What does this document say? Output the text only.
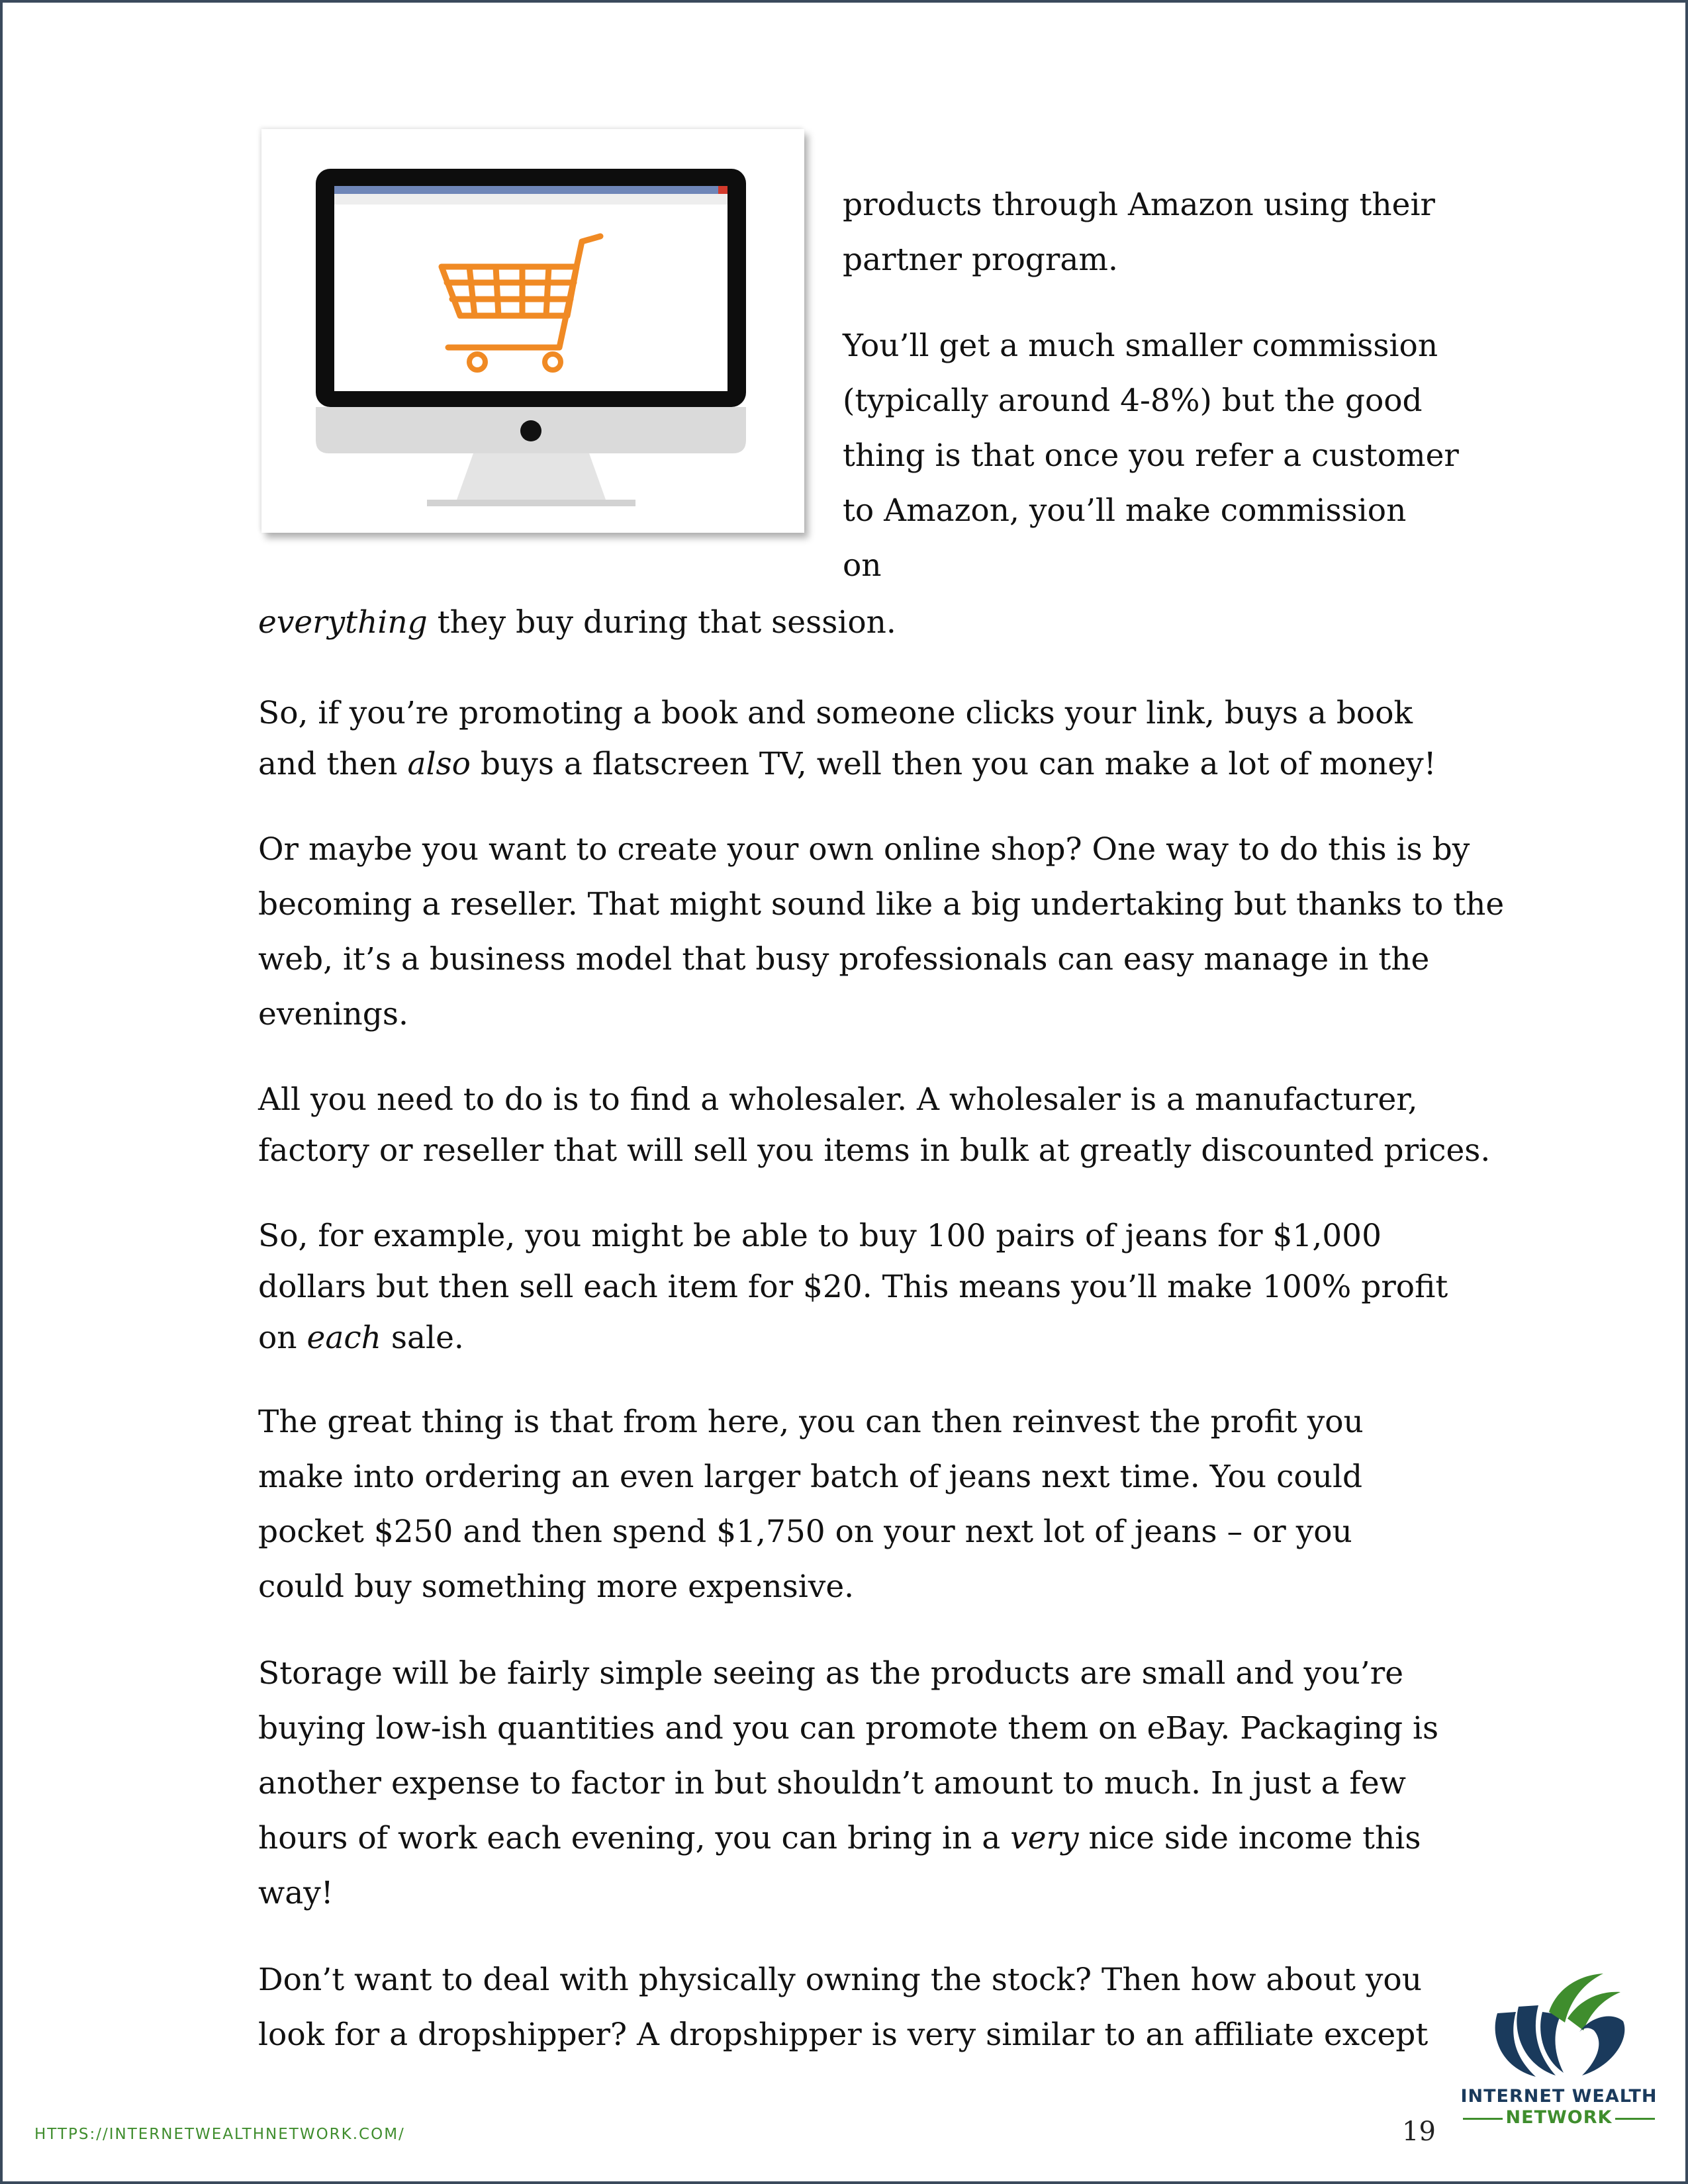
products through Amazon using their

partner program.

You’ll get a much smaller commission

(typically around 4-8%) but the good

thing is that once you refer a customer

to Amazon, you’ll make commission

on

everything they buy during that session.

So, if you’re promoting a book and someone clicks your link, buys a book

and then also buys a flatscreen TV, well then you can make a lot of money!

Or maybe you want to create your own online shop? One way to do this is by

becoming a reseller. That might sound like a big undertaking but thanks to the

web, it’s a business model that busy professionals can easy manage in the

evenings.

All you need to do is to find a wholesaler. A wholesaler is a manufacturer,

factory or reseller that will sell you items in bulk at greatly discounted prices.

So, for example, you might be able to buy 100 pairs of jeans for $1,000

dollars but then sell each item for $20. This means you’ll make 100% profit

on each sale.

The great thing is that from here, you can then reinvest the profit you

make into ordering an even larger batch of jeans next time. You could

pocket $250 and then spend $1,750 on your next lot of jeans – or you

could buy something more expensive.

Storage will be fairly simple seeing as the products are small and you’re

buying low-ish quantities and you can promote them on eBay. Packaging is

another expense to factor in but shouldn’t amount to much. In just a few

hours of work each evening, you can bring in a very nice side income this

way!

Don’t want to deal with physically owning the stock? Then how about you

look for a dropshipper? A dropshipper is very similar to an affiliate except

HTTPS://INTERNETWEALTHNETWORK.COM/	19
INTERNET WEALTH
NETWORK
